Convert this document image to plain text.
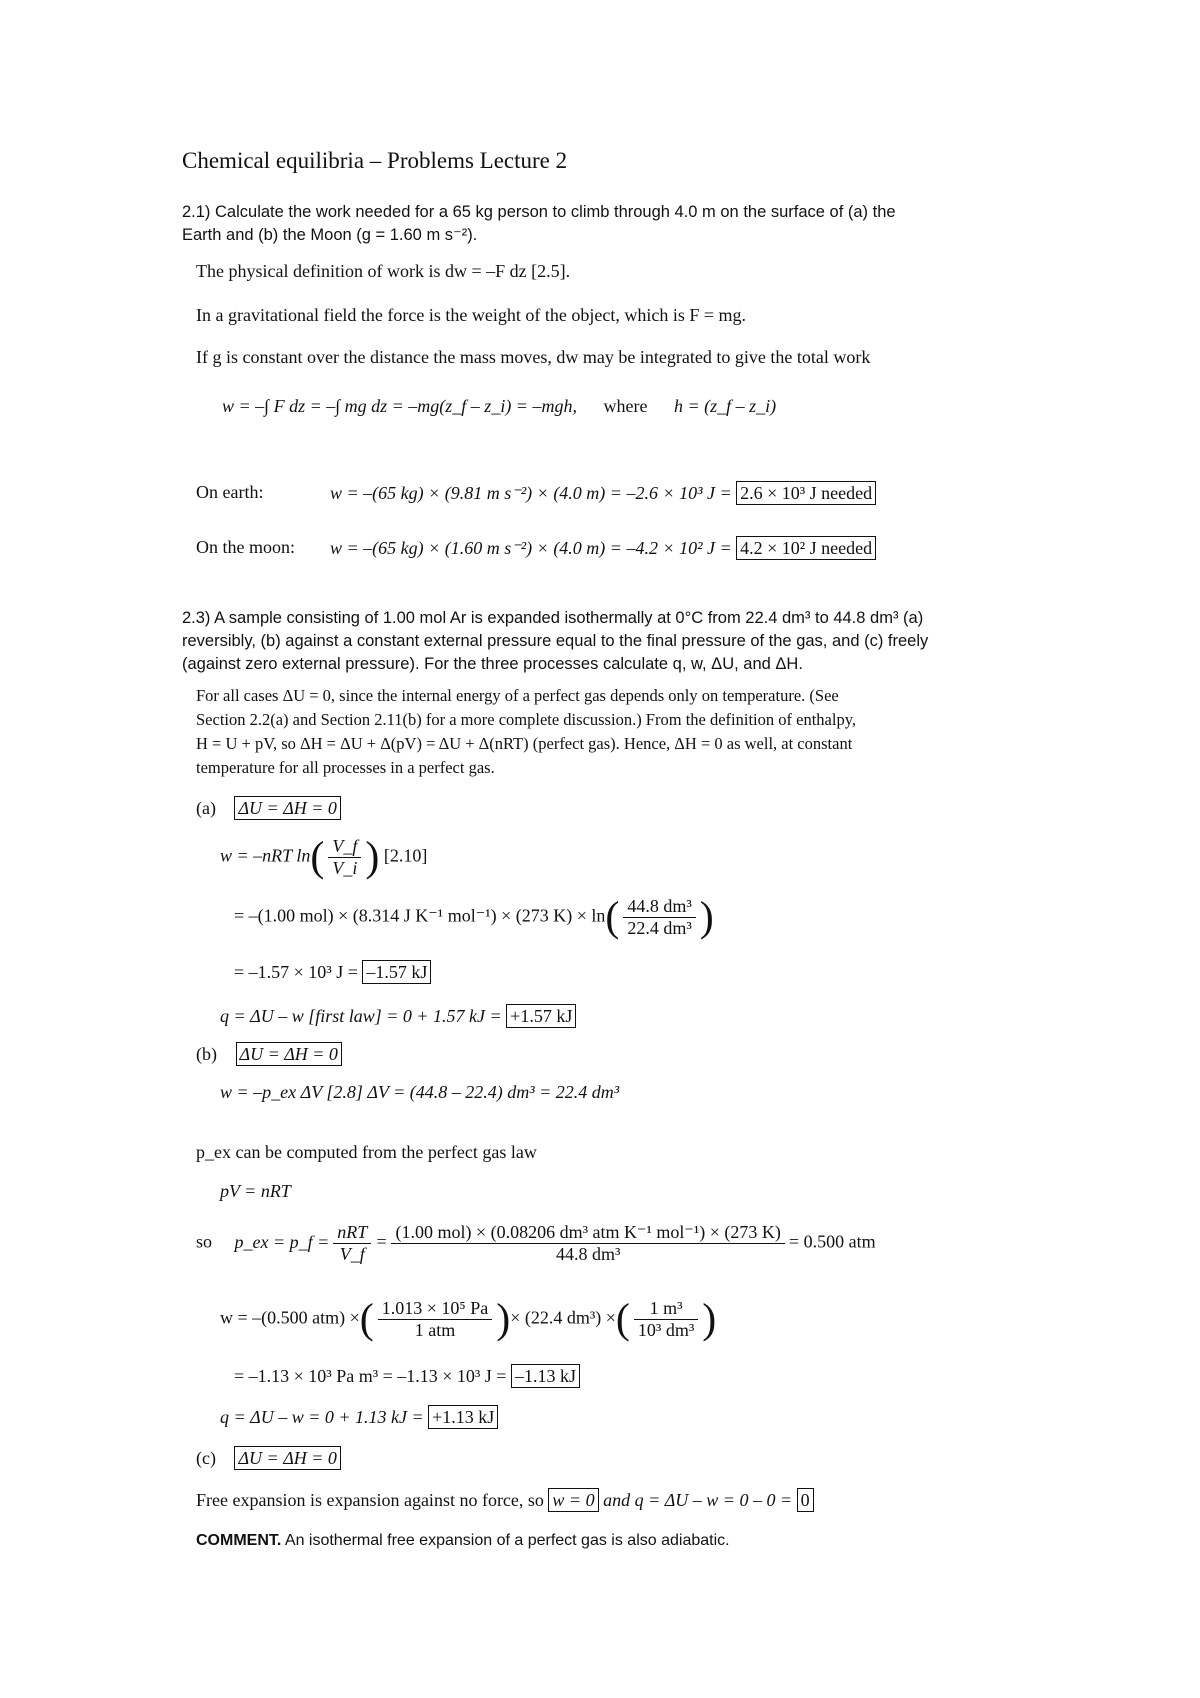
Chemical equilibria – Problems Lecture 2
2.1) Calculate the work needed for a 65 kg person to climb through 4.0 m on the surface of (a) the
Earth and (b) the Moon (g = 1.60 m s⁻²).
The physical definition of work is dw = –F dz [2.5].
In a gravitational field the force is the weight of the object, which is F = mg.
If g is constant over the distance the mass moves, dw may be integrated to give the total work
w = –∫ F dz = –∫ mg dz = –mg(z_f – z_i) = –mgh, where h = (z_f – z_i)
On earth:	w = –(65 kg) × (9.81 m s⁻²) × (4.0 m) = –2.6 × 10³ J = 2.6 × 10³ J needed
On the moon: w = –(65 kg) × (1.60 m s⁻²) × (4.0 m) = –4.2 × 10² J = 4.2 × 10² J needed
2.3) A sample consisting of 1.00 mol Ar is expanded isothermally at 0°C from 22.4 dm³ to 44.8 dm³ (a)
reversibly, (b) against a constant external pressure equal to the final pressure of the gas, and (c) freely
(against zero external pressure). For the three processes calculate q, w, ΔU, and ΔH.
For all cases ΔU = 0, since the internal energy of a perfect gas depends only on temperature. (See
Section 2.2(a) and Section 2.11(b) for a more complete discussion.) From the definition of enthalpy,
H = U + pV, so ΔH = ΔU + Δ(pV) = ΔU + Δ(nRT) (perfect gas). Hence, ΔH = 0 as well, at constant
temperature for all processes in a perfect gas.
(a) ΔU = ΔH = 0
w = –nRT $\ln( \frac{V\_f}{V\_i}$ ) [2.10]
= –(1.00 mol) × (8.314 J K⁻¹ mol⁻¹) × (273 $K) \times \ln( \frac{\text{44.8 dm³}}{\text{22.4 dm³}}$ )
= –1.57 × 10³ J = –1.57 kJ
q = ΔU – w [first law] = 0 + 1.57 kJ = +1.57 kJ
(b) ΔU = ΔH = 0
w = –p_ex ΔV [2.8] ΔV = (44.8 – 22.4) dm³ = 22.4 dm³
p_ex can be computed from the perfect gas law
pV = nRT
so p_ex = p_f = $\frac{\text{nRT}}{V\_f} = \frac{\text{(1.00 mol) × (0.08206 dm³ atm K⁻¹ mol⁻¹) × (273 K)}}{\text{44.8 dm³}} = 0.500$ atm
w = –(0.500 atm) ×( $\frac{\text{1.013 × 10⁵ Pa}}{\text{1 atm}}$ )× (22.4 dm³) ×( $\frac{\text{1 m³}}{\text{10³ dm³}}$ )
= –1.13 × 10³ Pa m³ = –1.13 × 10³ J = –1.13 kJ
q = ΔU – w = 0 + 1.13 kJ = +1.13 kJ
(c) ΔU = ΔH = 0
Free expansion is expansion against no force, so w = 0 and q = ΔU – w = 0 – 0 = 0
COMMENT. An isothermal free expansion of a perfect gas is also adiabatic.
